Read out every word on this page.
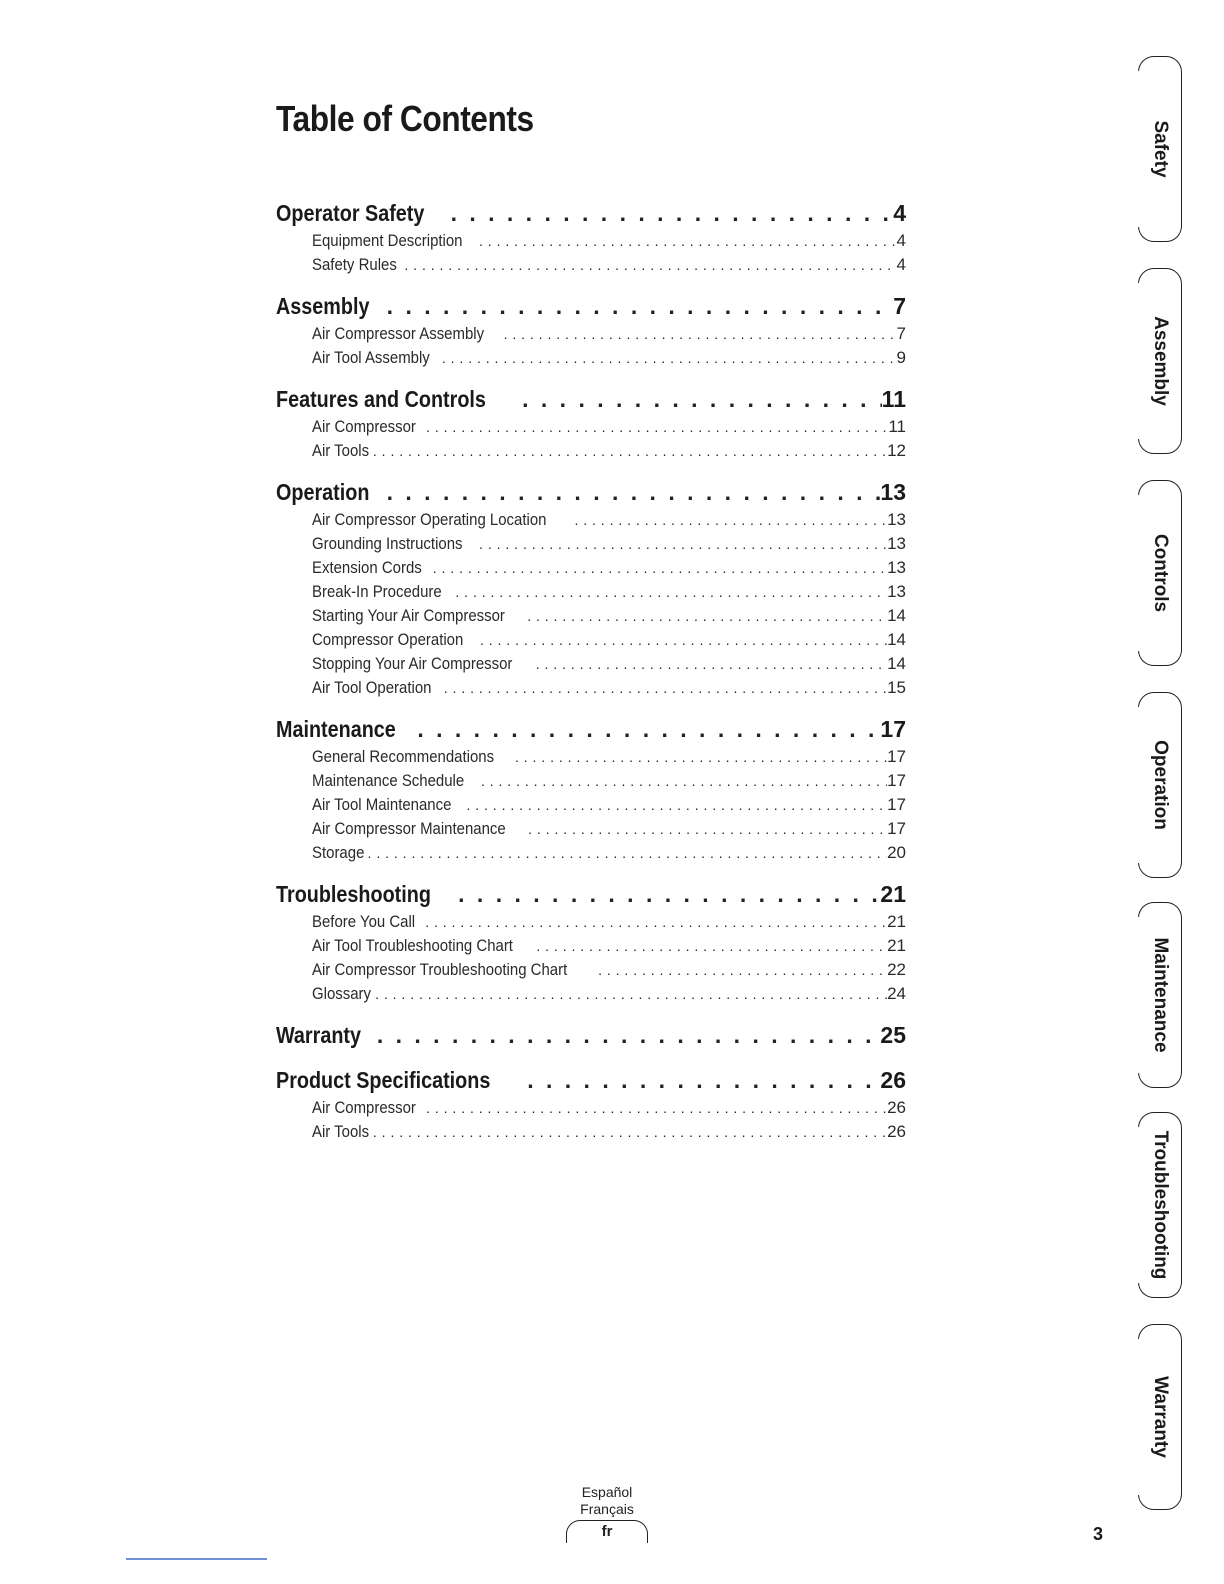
Table of Contents
Operator Safety . . .	4
Equipment Description . . .	4
Safety Rules . . .	4
Assembly . . .	7
Air Compressor Assembly . . .	7
Air Tool Assembly . . .	9
Features and Controls . . .	11
Air Compressor . . .	11
Air Tools . . .	12
Operation . . .	13
Air Compressor Operating Location . . .	13
Grounding Instructions . . .	13
Extension Cords . . .	13
Break-In Procedure . . .	13
Starting Your Air Compressor . . .	14
Compressor Operation . . .	14
Stopping Your Air Compressor . . .	14
Air Tool Operation . . .	15
Maintenance . . .	17
General Recommendations . . .	17
Maintenance Schedule . . .	17
Air Tool Maintenance . . .	17
Air Compressor Maintenance . . .	17
Storage . . .	20
Troubleshooting . . .	21
Before You Call . . .	21
Air Tool Troubleshooting Chart . . .	21
Air Compressor Troubleshooting Chart . . .	22
Glossary . . .	24
Warranty . . .	25
Product Specifications . . .	26
Air Compressor . . .	26
Air Tools . . .	26
Safety
Assembly
Controls
Operation
Maintenance
Troubleshooting
Warranty
Español
Français
fr	3
